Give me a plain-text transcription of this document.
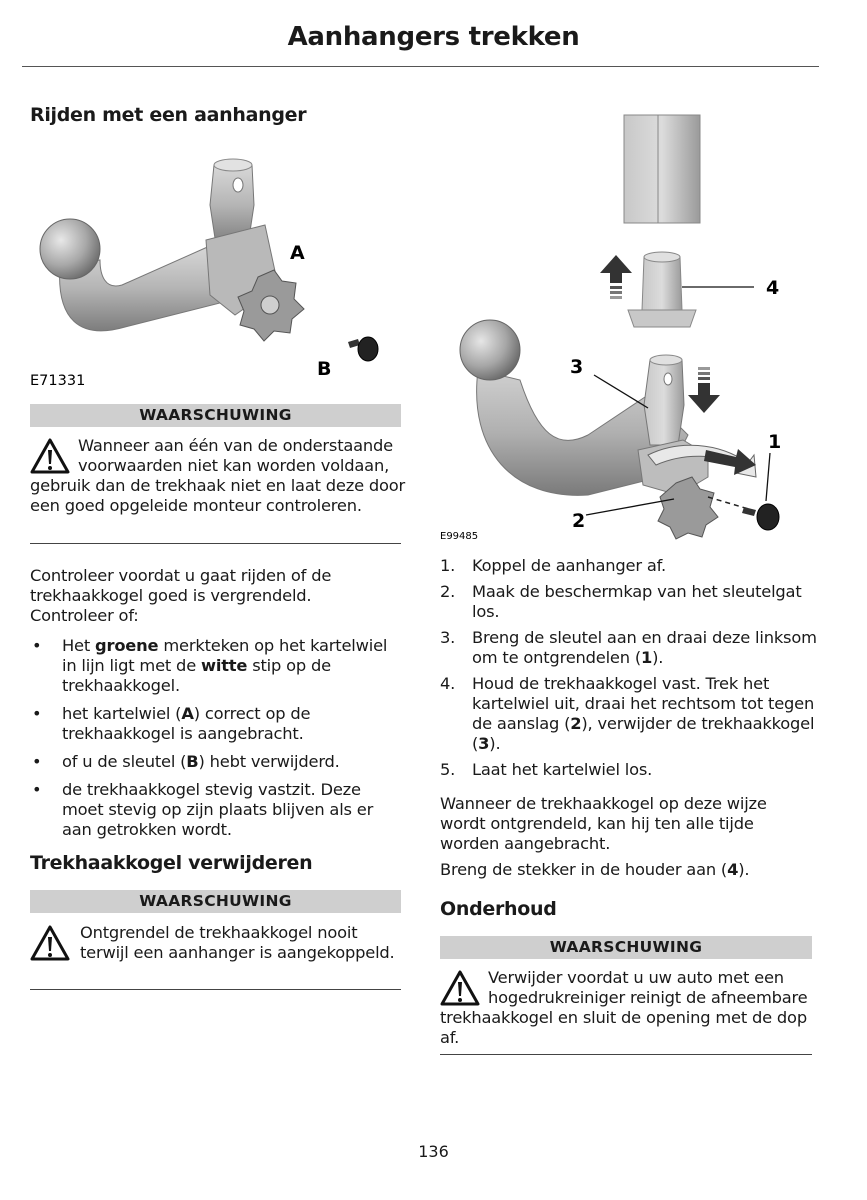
Aanhangers trekken
Rijden met een aanhanger
A
B
E71331
WAARSCHUWING
Wanneer aan één van de onderstaande voorwaarden niet kan worden voldaan, gebruik dan de trekhaak niet en laat deze door een goed opgeleide monteur controleren.
Controleer voordat u gaat rijden of de trekhaakkogel goed is vergrendeld. Controleer of:
• Het groene merkteken op het kartelwiel in lijn ligt met de witte stip op de trekhaakkogel.
• het kartelwiel (A) correct op de trekhaakkogel is aangebracht.
• of u de sleutel (B) hebt verwijderd.
• de trekhaakkogel stevig vastzit. Deze moet stevig op zijn plaats blijven als er aan getrokken wordt.
Trekhaakkogel verwijderen
WAARSCHUWING
Ontgrendel de trekhaakkogel nooit terwijl een aanhanger is aangekoppeld.
4
3
1
2
E99485
1. Koppel de aanhanger af.
2. Maak de beschermkap van het sleutelgat los.
3. Breng de sleutel aan en draai deze linksom om te ontgrendelen (1).
4. Houd de trekhaakkogel vast. Trek het kartelwiel uit, draai het rechtsom tot tegen de aanslag (2), verwijder de trekhaakkogel (3).
5. Laat het kartelwiel los.

Wanneer de trekhaakkogel op deze wijze wordt ontgrendeld, kan hij ten alle tijde worden aangebracht.

Breng de stekker in de houder aan (4).

Onderhoud
WAARSCHUWING
Verwijder voordat u uw auto met een hogedrukreiniger reinigt de afneembare trekhaakkogel en sluit de opening met de dop af.
136
